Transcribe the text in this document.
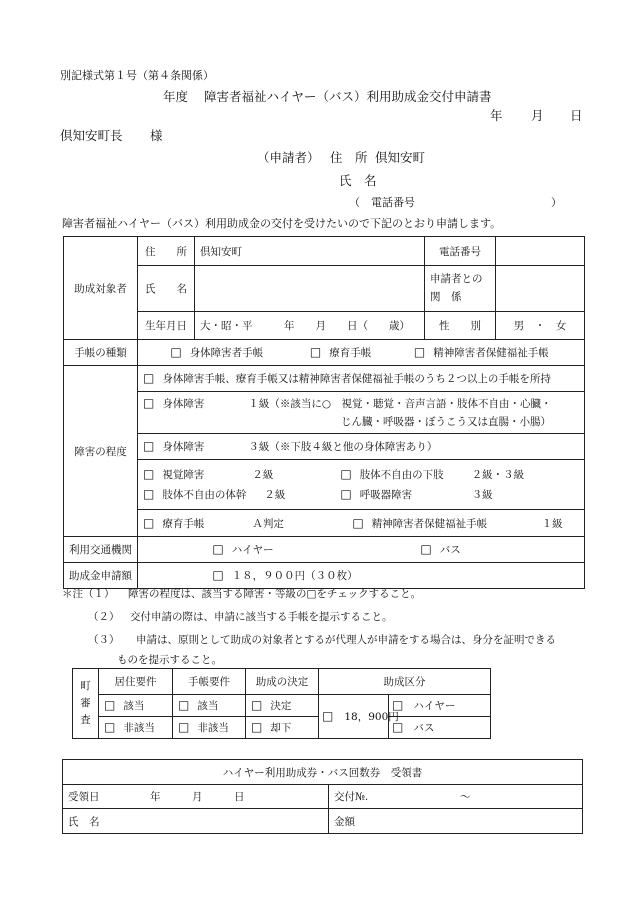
別記様式第１号（第４条関係）
年度 障害者福祉ハイヤー（バス）利用助成金交付申請書
年 月 日
倶知安町長 様
（申請者） 住　所 倶知安町
氏　名
（　電話番号	）
障害者福祉ハイヤー（バス）利用助成金の交付を受けたいので下記のとおり申請します。
助成対象者	住　　所	倶知安町	電話番号	
	氏　　名		申請者との
関　係	
	生年月日	大・昭・平　　　年　　月　　日（　　歳）	性　　別	男　・　女
手帳の種類	□身体障害者手帳 □ 療育手帳 □ 精神障害者保健福祉手帳
障害の程度	□ 身体障害手帳、療育手帳又は精神障害者保健福祉手帳のうち２つ以上の手帳を所持
□ 身体障害 １級（※該当に○　視覚・聴覚・音声言語・肢体不自由・心臓・
じん臓・呼吸器・ぼうこう又は直腸・小腸）
□ 身体障害 ３級（※下肢４級と他の身体障害あり）
□ 視覚障害 ２級 □ 肢体不自由の下肢 ２級・３級
□ 肢体不自由の体幹 ２級 □ 呼吸器障害 ３級
□ 療育手帳 Ａ判定 □ 精神障害者保健福祉手帳 １級
利用交通機関	□ハイヤー □ バス
助成金申請額	□１８，９００円（３０枚）
＊注（１） 障害の程度は、該当する障害・等級の□をチェックすること。
（２） 交付申請の際は、申請に該当する手帳を提示すること。
（３） 申請は、原則として助成の対象者とするが代理人が申請をする場合は、身分を証明できる
ものを提示すること。
町
審
査	居住要件	手帳要件	助成の決定	助成区分	
□ 該当	□該当	□決定	□ 18，900円	□ ハイヤー
□ 非該当	□非該当	□却下	□バス
ハイヤー利用助成券・バス回数券　受領書	
受領日 年　　　月　　　日	交付№. 〜
氏　名	金額
